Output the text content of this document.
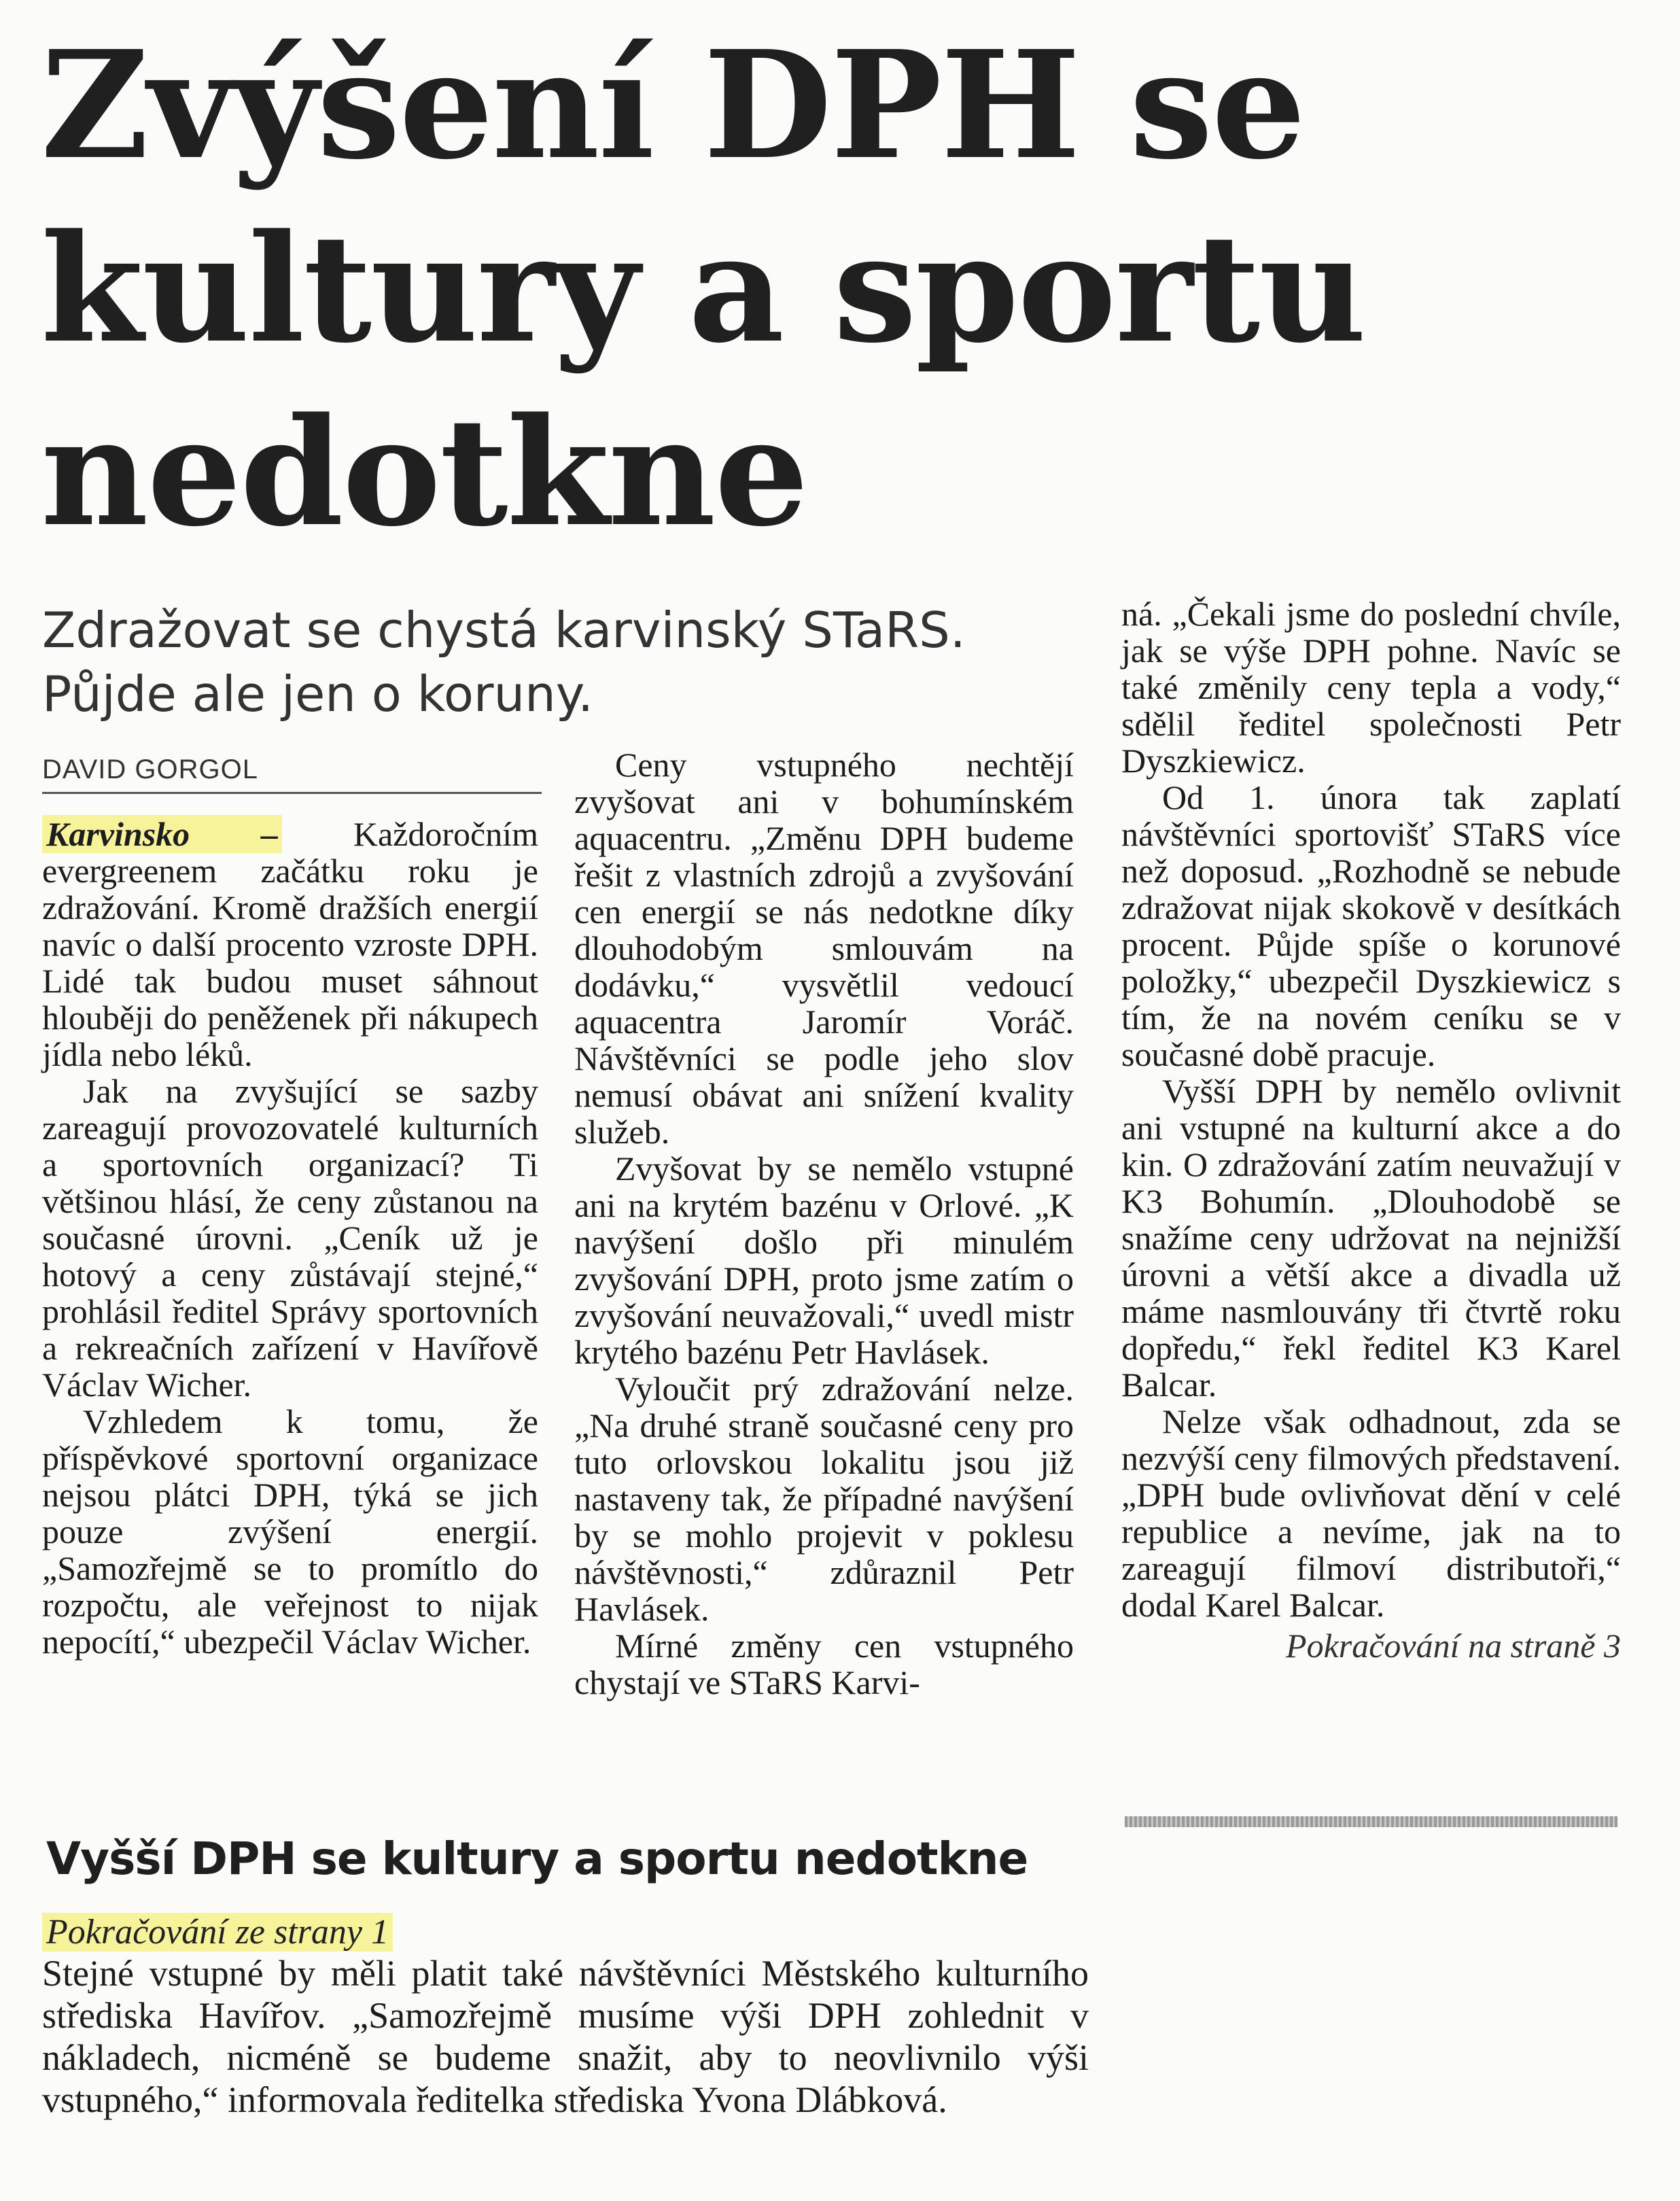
Zvýšení DPH se kultury a sportu nedotkne

Zdražovat se chystá karvinský STaRS. Půjde ale jen o koruny.

DAVID GORGOL

Karvinsko – Každoročním evergreenem začátku roku je zdražování. Kromě dražších energií navíc o další procento vzroste DPH. Lidé tak budou muset sáhnout hlouběji do peněženek při nákupech jídla nebo léků.

Jak na zvyšující se sazby zareagují provozovatelé kulturních a sportovních organizací? Ti většinou hlásí, že ceny zůstanou na současné úrovni. „Ceník už je hotový a ceny zůstávají stejné,“ prohlásil ředitel Správy sportovních a rekreačních zařízení v Havířově Václav Wicher.

Vzhledem k tomu, že příspěvkové sportovní organizace nejsou plátci DPH, týká se jich pouze zvýšení energií. „Samozřejmě se to promítlo do rozpočtu, ale veřejnost to nijak nepocítí,“ ubezpečil Václav Wicher.

Ceny vstupného nechtějí zvyšovat ani v bohumínském aquacentru. „Změnu DPH budeme řešit z vlastních zdrojů a zvyšování cen energií se nás nedotkne díky dlouhodobým smlouvám na dodávku,“ vysvětlil vedoucí aquacentra Jaromír Voráč. Návštěvníci se podle jeho slov nemusí obávat ani snížení kvality služeb.

Zvyšovat by se nemělo vstupné ani na krytém bazénu v Orlové. „K navýšení došlo při minulém zvyšování DPH, proto jsme zatím o zvyšování neuvažovali,“ uvedl mistr krytého bazénu Petr Havlásek.

Vyloučit prý zdražování nelze. „Na druhé straně současné ceny pro tuto orlovskou lokalitu jsou již nastaveny tak, že případné navýšení by se mohlo projevit v poklesu návštěvnosti,“ zdůraznil Petr Havlásek.

Mírné změny cen vstupného chystají ve STaRS Karvi-

ná. „Čekali jsme do poslední chvíle, jak se výše DPH pohne. Navíc se také změnily ceny tepla a vody,“ sdělil ředitel společnosti Petr Dyszkiewicz.

Od 1. února tak zaplatí návštěvníci sportovišť STaRS více než doposud. „Rozhodně se nebude zdražovat nijak skokově v desítkách procent. Půjde spíše o korunové položky,“ ubezpečil Dyszkiewicz s tím, že na novém ceníku se v současné době pracuje.

Vyšší DPH by nemělo ovlivnit ani vstupné na kulturní akce a do kin. O zdražování zatím neuvažují v K3 Bohumín. „Dlouhodobě se snažíme ceny udržovat na nejnižší úrovni a větší akce a divadla už máme nasmlouvány tři čtvrtě roku dopředu,“ řekl ředitel K3 Karel Balcar.

Nelze však odhadnout, zda se nezvýší ceny filmových představení. „DPH bude ovlivňovat dění v celé republice a nevíme, jak na to zareagují filmoví distributoři,“ dodal Karel Balcar.

Pokračování na straně 3

Vyšší DPH se kultury a sportu nedotkne
Pokračování ze strany 1

Stejné vstupné by měli platit také návštěvníci Městského kulturního střediska Havířov. „Samozřejmě musíme výši DPH zohlednit v nákladech, nicméně se budeme snažit, aby to neovlivnilo výši vstupného,“ informovala ředitelka střediska Yvona Dlábková.
